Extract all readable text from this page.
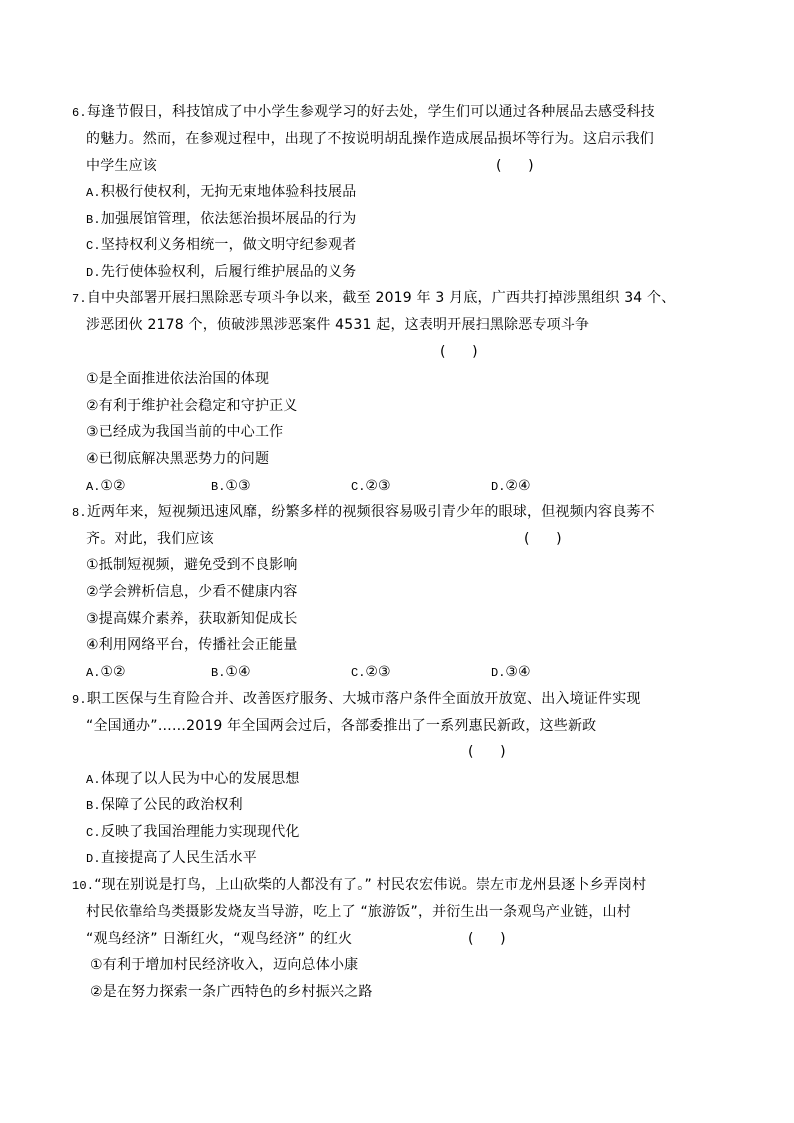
6.每逢节假日，科技馆成了中小学生参观学习的好去处，学生们可以通过各种展品去感受科技
的魅力。然而，在参观过程中，出现了不按说明胡乱操作造成展品损坏等行为。这启示我们
中学生应该	(      )
A.积极行使权利，无拘无束地体验科技展品
B.加强展馆管理，依法惩治损坏展品的行为
C.坚持权利义务相统一，做文明守纪参观者
D.先行使体验权利，后履行维护展品的义务
7.自中央部署开展扫黑除恶专项斗争以来，截至 2019 年 3 月底，广西共打掉涉黑组织 34 个、
涉恶团伙 2178 个，侦破涉黑涉恶案件 4531 起，这表明开展扫黑除恶专项斗争
(      )
①是全面推进依法治国的体现
②有利于维护社会稳定和守护正义
③已经成为我国当前的中心工作
④已彻底解决黑恶势力的问题
A.①②	B.①③	C.②③	D.②④
8.近两年来，短视频迅速风靡，纷繁多样的视频很容易吸引青少年的眼球，但视频内容良莠不
齐。对此，我们应该	(      )
①抵制短视频，避免受到不良影响
②学会辨析信息，少看不健康内容
③提高媒介素养，获取新知促成长
④利用网络平台，传播社会正能量
A.①②	B.①④	C.②③	D.③④
9.职工医保与生育险合并、改善医疗服务、大城市落户条件全面放开放宽、出入境证件实现
“全国通办”……2019 年全国两会过后，各部委推出了一系列惠民新政，这些新政
(      )
A.体现了以人民为中心的发展思想
B.保障了公民的政治权利
C.反映了我国治理能力实现现代化
D.直接提高了人民生活水平
10.“现在别说是打鸟，上山砍柴的人都没有了。” 村民农宏伟说。崇左市龙州县逐卜乡弄岗村
村民依靠给鸟类摄影发烧友当导游，吃上了 “旅游饭”，并衍生出一条观鸟产业链，山村
“观鸟经济” 日渐红火，“观鸟经济” 的红火	(      )
①有利于增加村民经济收入，迈向总体小康
②是在努力探索一条广西特色的乡村振兴之路
